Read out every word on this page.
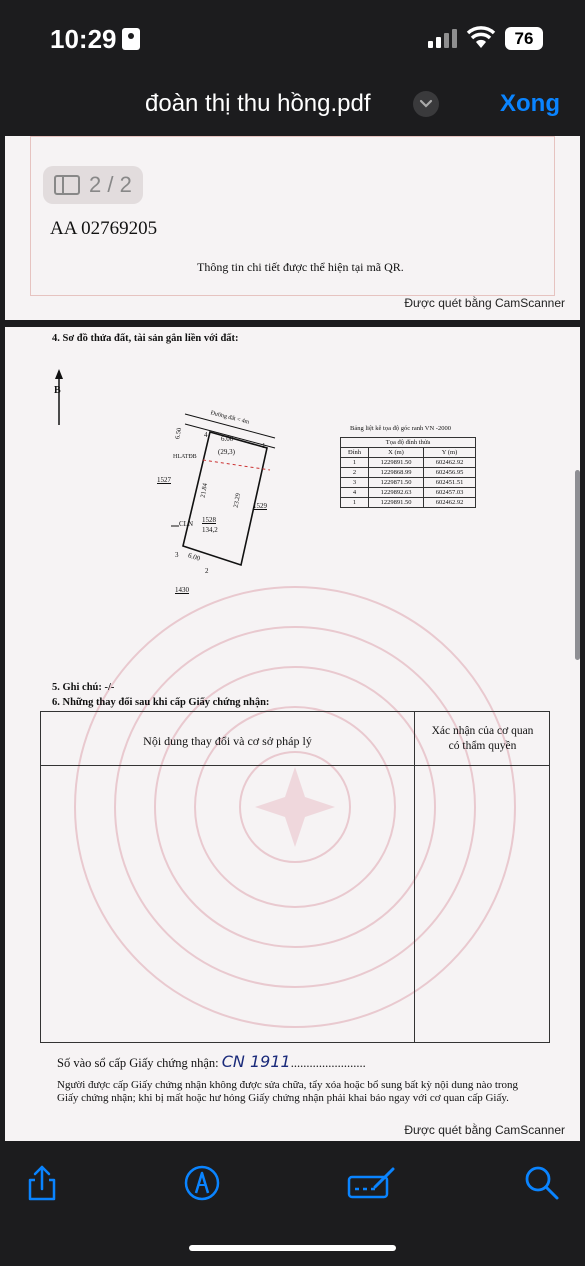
10:29	76
đoàn thị thu hồng.pdf	Xong
2 / 2
AA 02769205
Thông tin chi tiết được thể hiện tại mã QR.
Được quét bằng CamScanner
4. Sơ đồ thửa đất, tài sản gắn liền với đất:
B
Đường đất < 4m
6.00
(29,3)
HLATĐB
21.84
23.29
1528
134,2
CLN
6.00
6.50
1527
1529
1430
1
2
3
4
Bảng liệt kê tọa độ góc ranh VN -2000
Tọa độ đỉnh thửa		
Đỉnh	X (m)	Y (m)
1	1229891.50	602462.92
2	1229868.99	602456.95
3	1229871.50	602451.51
4	1229892.63	602457.03
1	1229891.50	602462.92
5. Ghi chú: -/-
6. Những thay đổi sau khi cấp Giấy chứng nhận:
Nội dung thay đổi và cơ sở pháp lý
Xác nhận của cơ quan
có thẩm quyền
Số vào sổ cấp Giấy chứng nhận: CN 1911........................
Người được cấp Giấy chứng nhận không được sửa chữa, tẩy xóa hoặc bổ sung bất kỳ nội dung nào trong Giấy chứng nhận; khi bị mất hoặc hư hỏng Giấy chứng nhận phải khai báo ngay với cơ quan cấp Giấy.
Được quét bằng CamScanner
